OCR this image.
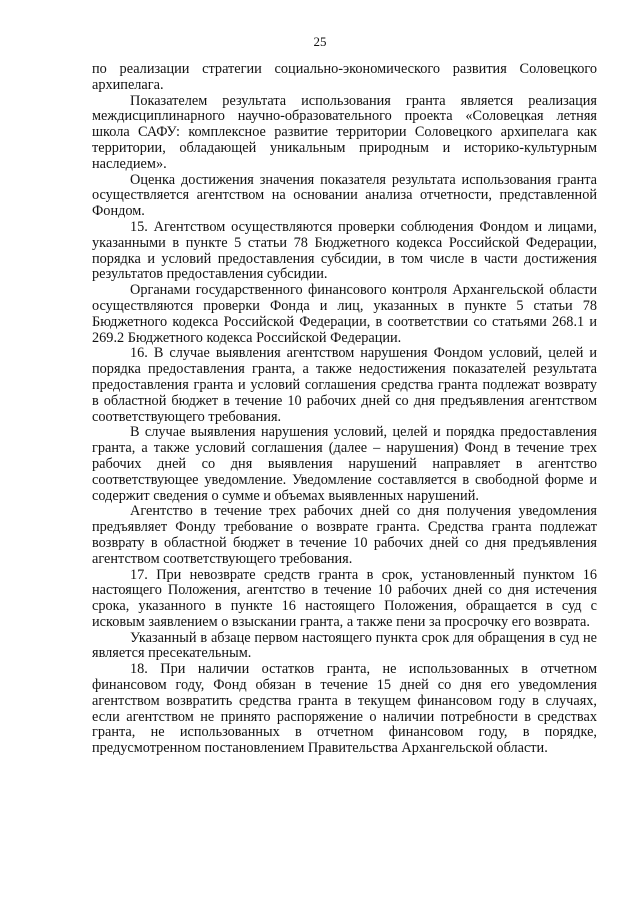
25

по реализации стратегии социально-экономического развития Соловецкого архипелага.

Показателем результата использования гранта является реализация междисциплинарного научно-образовательного проекта «Соловецкая летняя школа САФУ: комплексное развитие территории Соловецкого архипелага как территории, обладающей уникальным природным и историко-культурным наследием».

Оценка достижения значения показателя результата использования гранта осуществляется агентством на основании анализа отчетности, представленной Фондом.

15. Агентством осуществляются проверки соблюдения Фондом и лицами, указанными в пункте 5 статьи 78 Бюджетного кодекса Российской Федерации, порядка и условий предоставления субсидии, в том числе в части достижения результатов предоставления субсидии.

Органами государственного финансового контроля Архангельской области осуществляются проверки Фонда и лиц, указанных в пункте 5 статьи 78 Бюджетного кодекса Российской Федерации, в соответствии со статьями 268.1 и 269.2 Бюджетного кодекса Российской Федерации.

16. В случае выявления агентством нарушения Фондом условий, целей и порядка предоставления гранта, а также недостижения показателей результата предоставления гранта и условий соглашения средства гранта подлежат возврату в областной бюджет в течение 10 рабочих дней со дня предъявления агентством соответствующего требования.

В случае выявления нарушения условий, целей и порядка предоставления гранта, а также условий соглашения (далее – нарушения) Фонд в течение трех рабочих дней со дня выявления нарушений направляет в агентство соответствующее уведомление. Уведомление составляется в свободной форме и содержит сведения о сумме и объемах выявленных нарушений.

Агентство в течение трех рабочих дней со дня получения уведомления предъявляет Фонду требование о возврате гранта. Средства гранта подлежат возврату в областной бюджет в течение 10 рабочих дней со дня предъявления агентством соответствующего требования.

17. При невозврате средств гранта в срок, установленный пунктом 16 настоящего Положения, агентство в течение 10 рабочих дней со дня истечения срока, указанного в пункте 16 настоящего Положения, обращается в суд с исковым заявлением о взыскании гранта, а также пени за просрочку его возврата.

Указанный в абзаце первом настоящего пункта срок для обращения в суд не является пресекательным.

18. При наличии остатков гранта, не использованных в отчетном финансовом году, Фонд обязан в течение 15 дней со дня его уведомления агентством возвратить средства гранта в текущем финансовом году в случаях, если агентством не принято распоряжение о наличии потребности в средствах гранта, не использованных в отчетном финансовом году, в порядке, предусмотренном постановлением Правительства Архангельской области.
